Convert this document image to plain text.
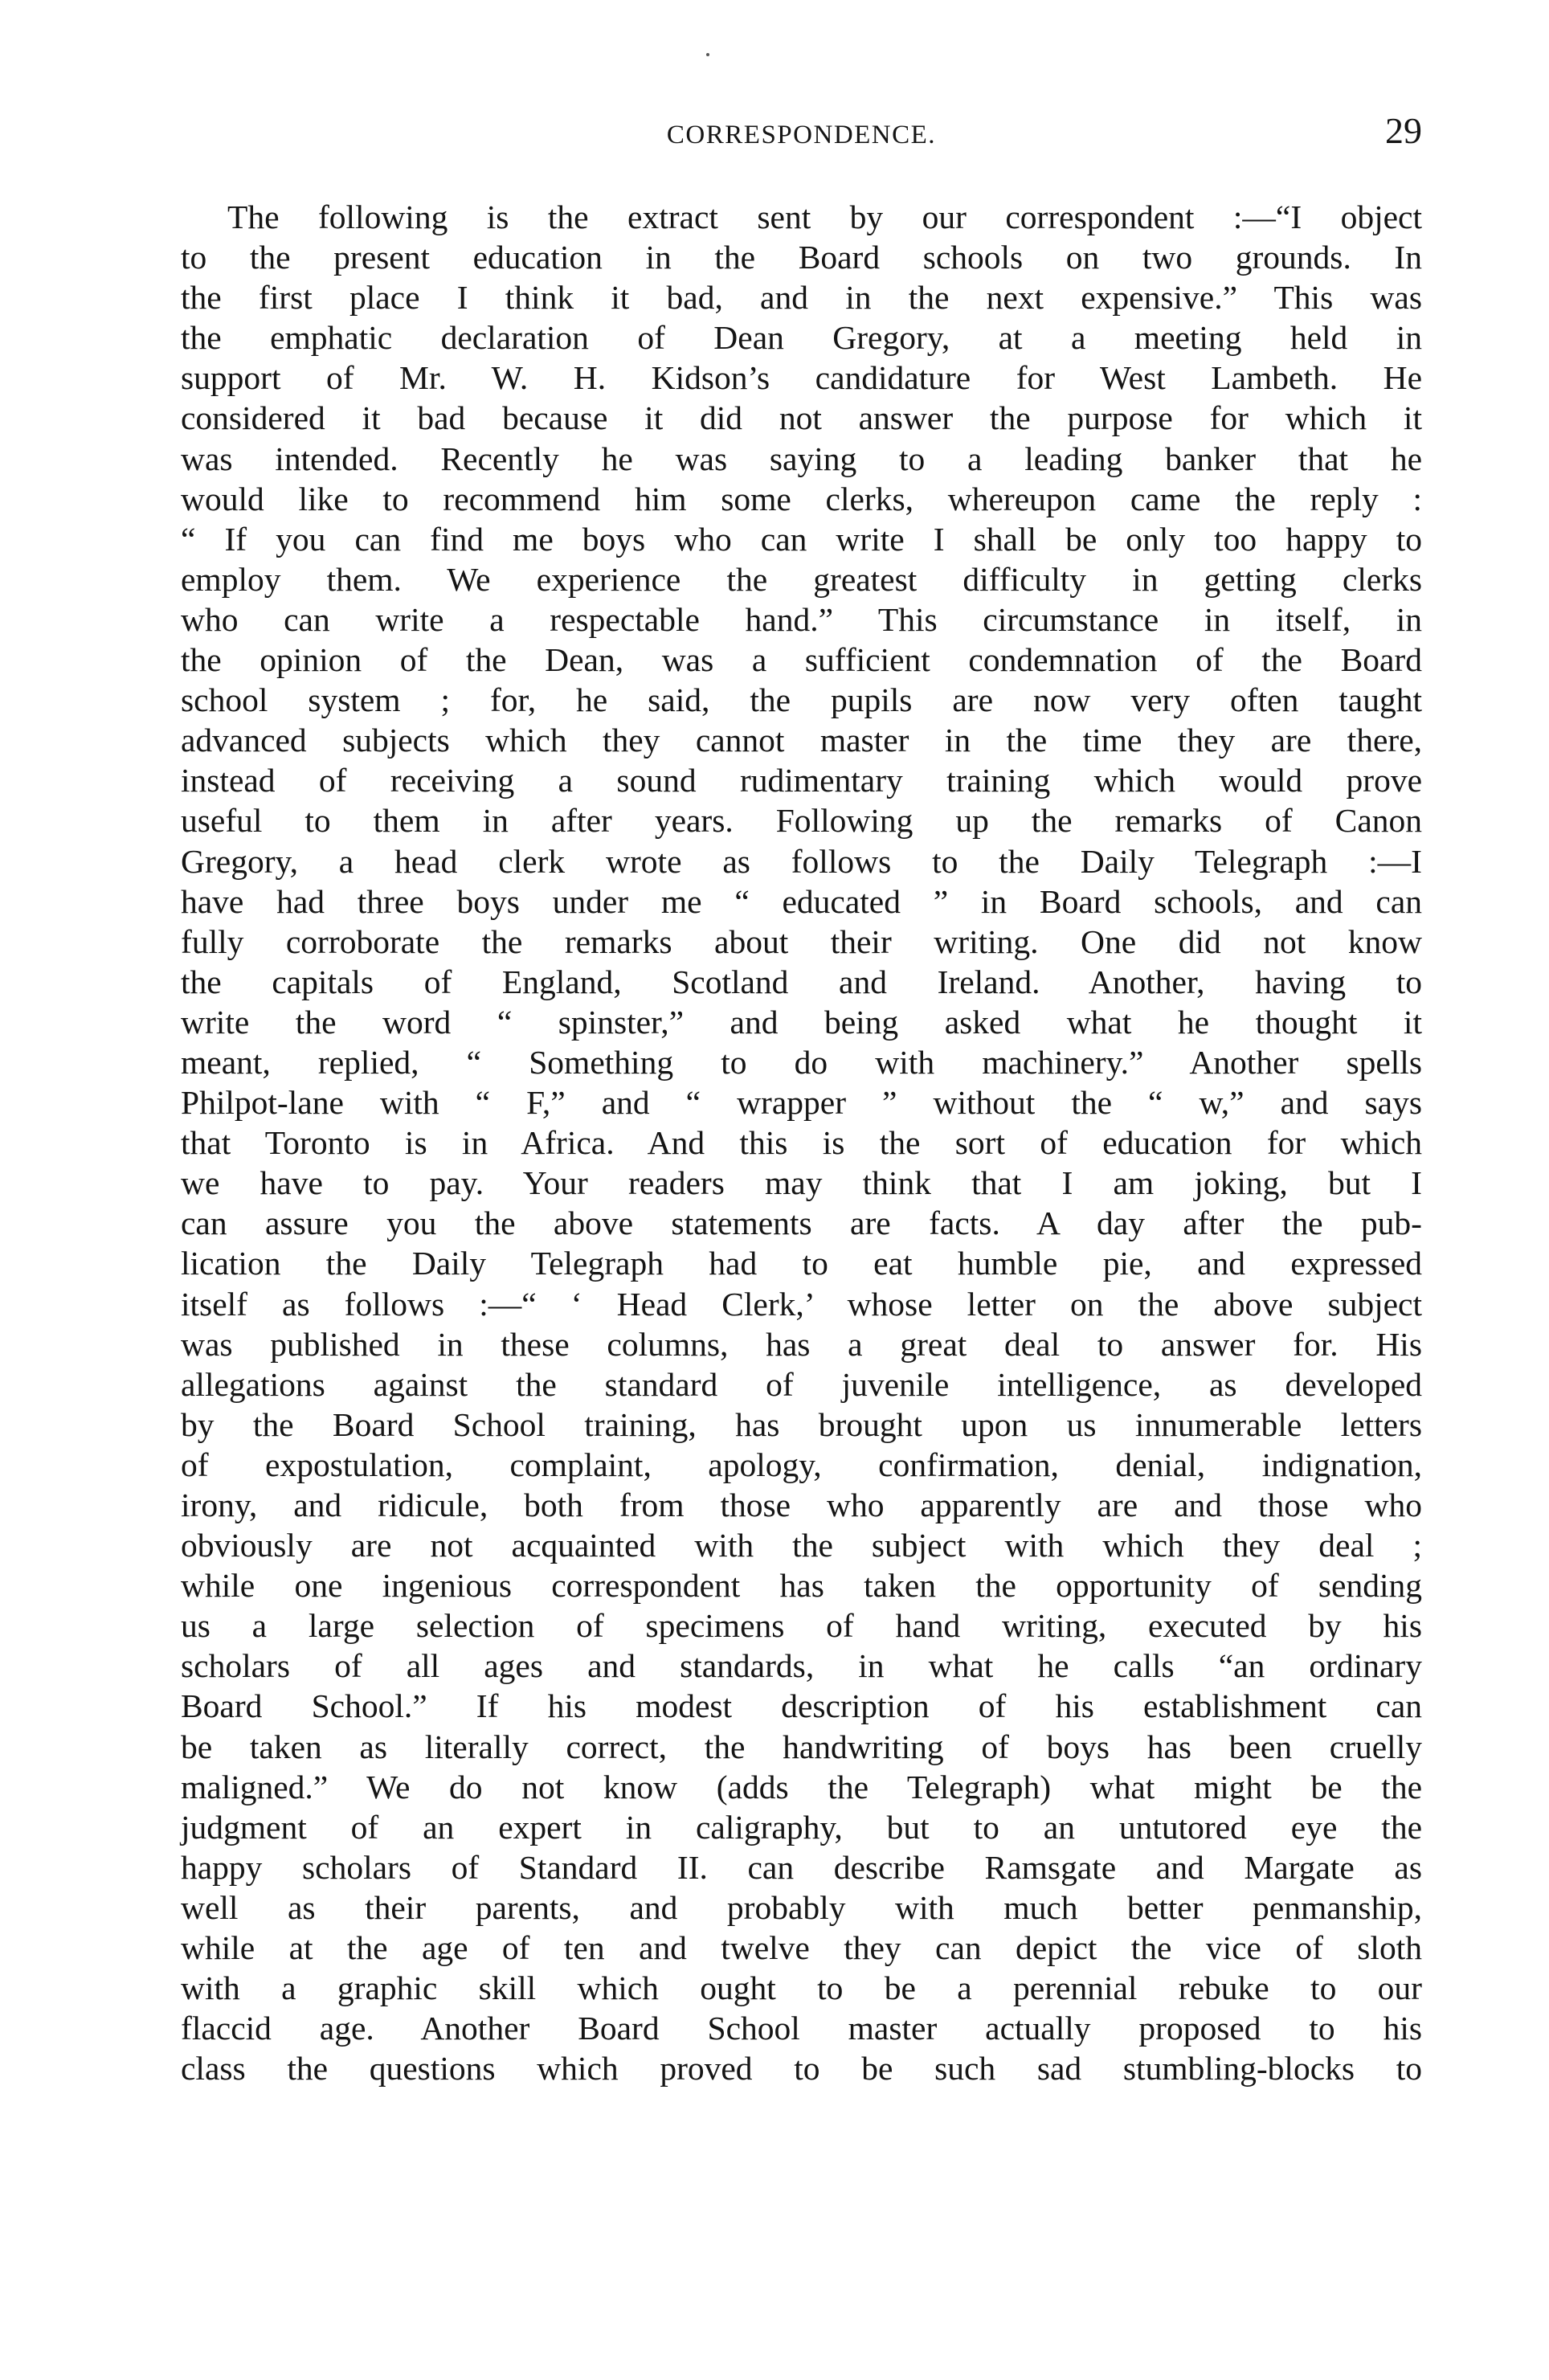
CORRESPONDENCE.	29
The following is the extract sent by our correspondent :—“I object
to the present education in the Board schools on two grounds. In
the first place I think it bad, and in the next expensive.” This was
the emphatic declaration of Dean Gregory, at a meeting held in
support of Mr. W. H. Kidson’s candidature for West Lambeth. He
considered it bad because it did not answer the purpose for which it
was intended. Recently he was saying to a leading banker that he
would like to recommend him some clerks, whereupon came the reply :
“ If you can find me boys who can write I shall be only too happy to
employ them. We experience the greatest difficulty in getting clerks
who can write a respectable hand.” This circumstance in itself, in
the opinion of the Dean, was a sufficient condemnation of the Board
school system ; for, he said, the pupils are now very often taught
advanced subjects which they cannot master in the time they are there,
instead of receiving a sound rudimentary training which would prove
useful to them in after years. Following up the remarks of Canon
Gregory, a head clerk wrote as follows to the Daily Telegraph :—I
have had three boys under me “ educated ” in Board schools, and can
fully corroborate the remarks about their writing. One did not know
the capitals of England, Scotland and Ireland. Another, having to
write the word “ spinster,” and being asked what he thought it
meant, replied, “ Something to do with machinery.” Another spells
Philpot-lane with “ F,” and “ wrapper ” without the “ w,” and says
that Toronto is in Africa. And this is the sort of education for which
we have to pay. Your readers may think that I am joking, but I
can assure you the above statements are facts. A day after the pub-
lication the Daily Telegraph had to eat humble pie, and expressed
itself as follows :—“ ‘ Head Clerk,’ whose letter on the above subject
was published in these columns, has a great deal to answer for. His
allegations against the standard of juvenile intelligence, as developed
by the Board School training, has brought upon us innumerable letters
of expostulation, complaint, apology, confirmation, denial, indignation,
irony, and ridicule, both from those who apparently are and those who
obviously are not acquainted with the subject with which they deal ;
while one ingenious correspondent has taken the opportunity of sending
us a large selection of specimens of hand writing, executed by his
scholars of all ages and standards, in what he calls “an ordinary
Board School.” If his modest description of his establishment can
be taken as literally correct, the handwriting of boys has been cruelly
maligned.” We do not know (adds the Telegraph) what might be the
judgment of an expert in caligraphy, but to an untutored eye the
happy scholars of Standard II. can describe Ramsgate and Margate as
well as their parents, and probably with much better penmanship,
while at the age of ten and twelve they can depict the vice of sloth
with a graphic skill which ought to be a perennial rebuke to our
flaccid age. Another Board School master actually proposed to his
class the questions which proved to be such sad stumbling-blocks to
